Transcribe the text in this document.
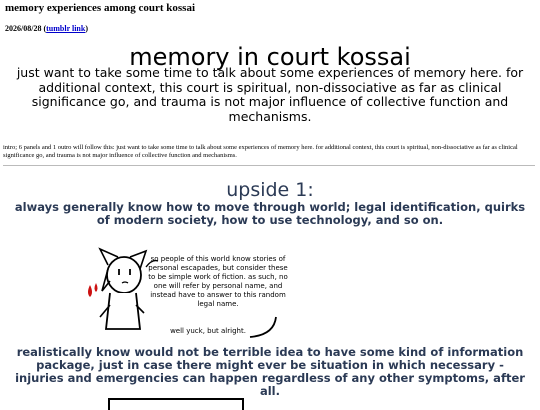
memory experiences among court kossai
2026/08/28 (tumblr link)
memory in court kossai
just want to take some time to talk about some experiences of memory here. for additional context, this court is spiritual, non-dissociative as far as clinical significance go, and trauma is not major influence of collective function and mechanisms.
intro; 6 panels and 1 outro will follow this: just want to take some time to talk about some experiences of memory here. for additional context, this court is spiritual, non-dissociative as far as clinical significance go, and trauma is not major influence of collective function and mechanisms.
upside 1:
always generally know how to move through world; legal identification, quirks of modern society, how to use technology, and so on.
so people of this world know stories of personal escapades, but consider these to be simple work of fiction. as such, no one will refer by personal name, and instead have to answer to this random legal name.
well yuck, but alright.
realistically know would not be terrible idea to have some kind of information package, just in case there might ever be situation in which necessary - injuries and emergencies can happen regardless of any other symptoms, after all.
